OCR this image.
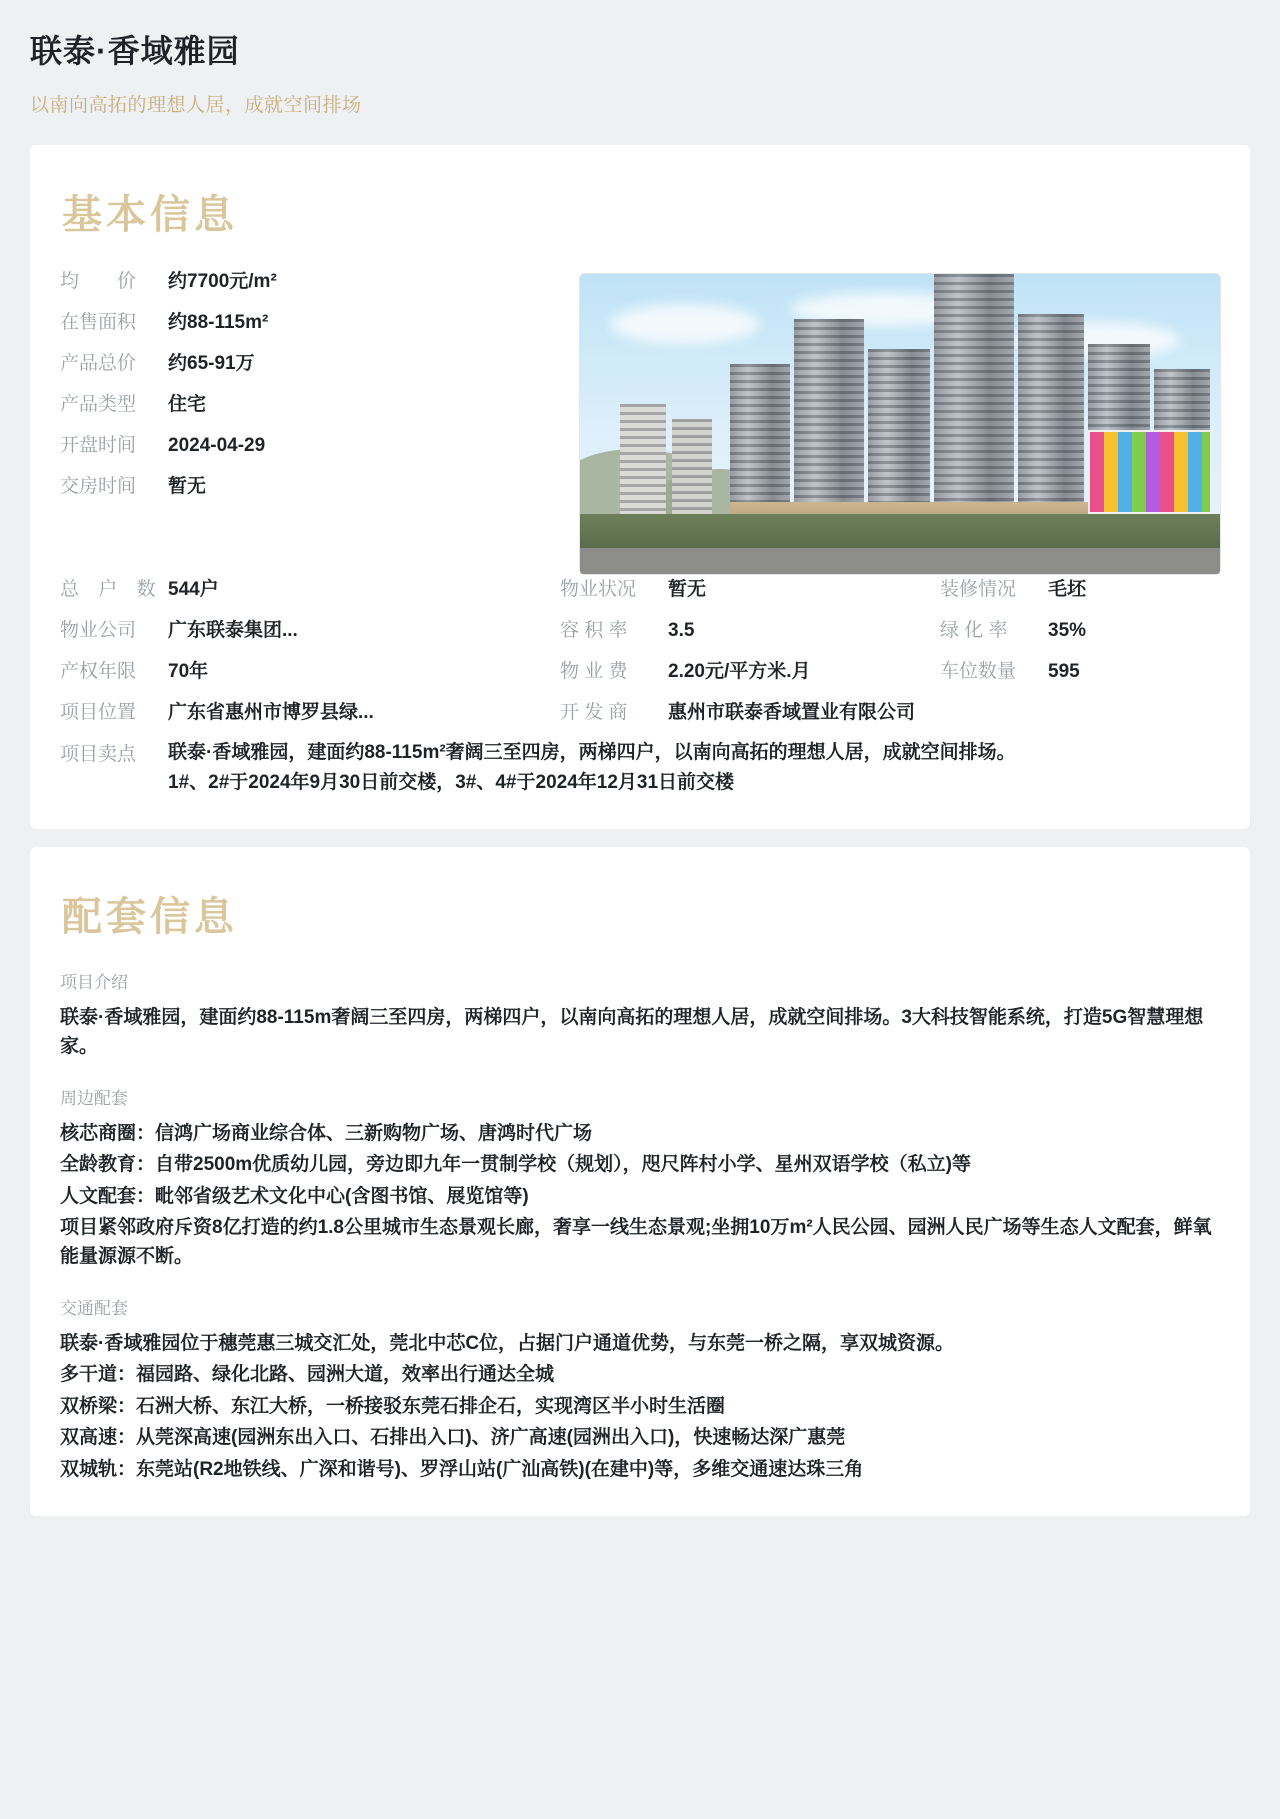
联泰·香域雅园
以南向高拓的理想人居，成就空间排场
基本信息
均　　价	约7700元/m²
在售面积	约88-115m²
产品总价	约65-91万
产品类型	住宅
开盘时间	2024-04-29
交房时间	暂无
总 户 数 544户	物业状况	暂无	装修情况	毛坯
物业公司	广东联泰集团...	容 积 率	3.5	绿 化 率	35%
产权年限	70年	物 业 费	2.20元/平方米.月	车位数量	595
项目位置	广东省惠州市博罗县绿...	开 发 商	惠州市联泰香域置业有限公司
项目卖点	联泰·香域雅园，建面约88-115m²奢阔三至四房，两梯四户，以南向高拓的理想人居，成就空间排场。
1#、2#于2024年9月30日前交楼，3#、4#于2024年12月31日前交楼
配套信息
项目介绍

联泰·香域雅园，建面约88-115m奢阔三至四房，两梯四户，以南向高拓的理想人居，成就空间排场。3大科技智能系统，打造5G智慧理想家。

周边配套

核芯商圈：信鸿广场商业综合体、三新购物广场、唐鸿时代广场

全龄教育：自带2500m优质幼儿园，旁边即九年一贯制学校（规划），咫尺阵村小学、星州双语学校（私立)等

人文配套：毗邻省级艺术文化中心(含图书馆、展览馆等)

项目紧邻政府斥资8亿打造的约1.8公里城市生态景观长廊，奢享一线生态景观;坐拥10万m²人民公园、园洲人民广场等生态人文配套，鲜氧能量源源不断。

交通配套

联泰·香域雅园位于穗莞惠三城交汇处，莞北中芯C位，占据门户通道优势，与东莞一桥之隔，享双城资源。

多干道：福园路、绿化北路、园洲大道，效率出行通达全城

双桥梁：石洲大桥、东江大桥，一桥接驳东莞石排企石，实现湾区半小时生活圈

双高速：从莞深高速(园洲东出入口、石排出入口)、济广高速(园洲出入口)，快速畅达深广惠莞

双城轨：东莞站(R2地铁线、广深和谐号)、罗浮山站(广汕高铁)(在建中)等，多维交通速达珠三角
